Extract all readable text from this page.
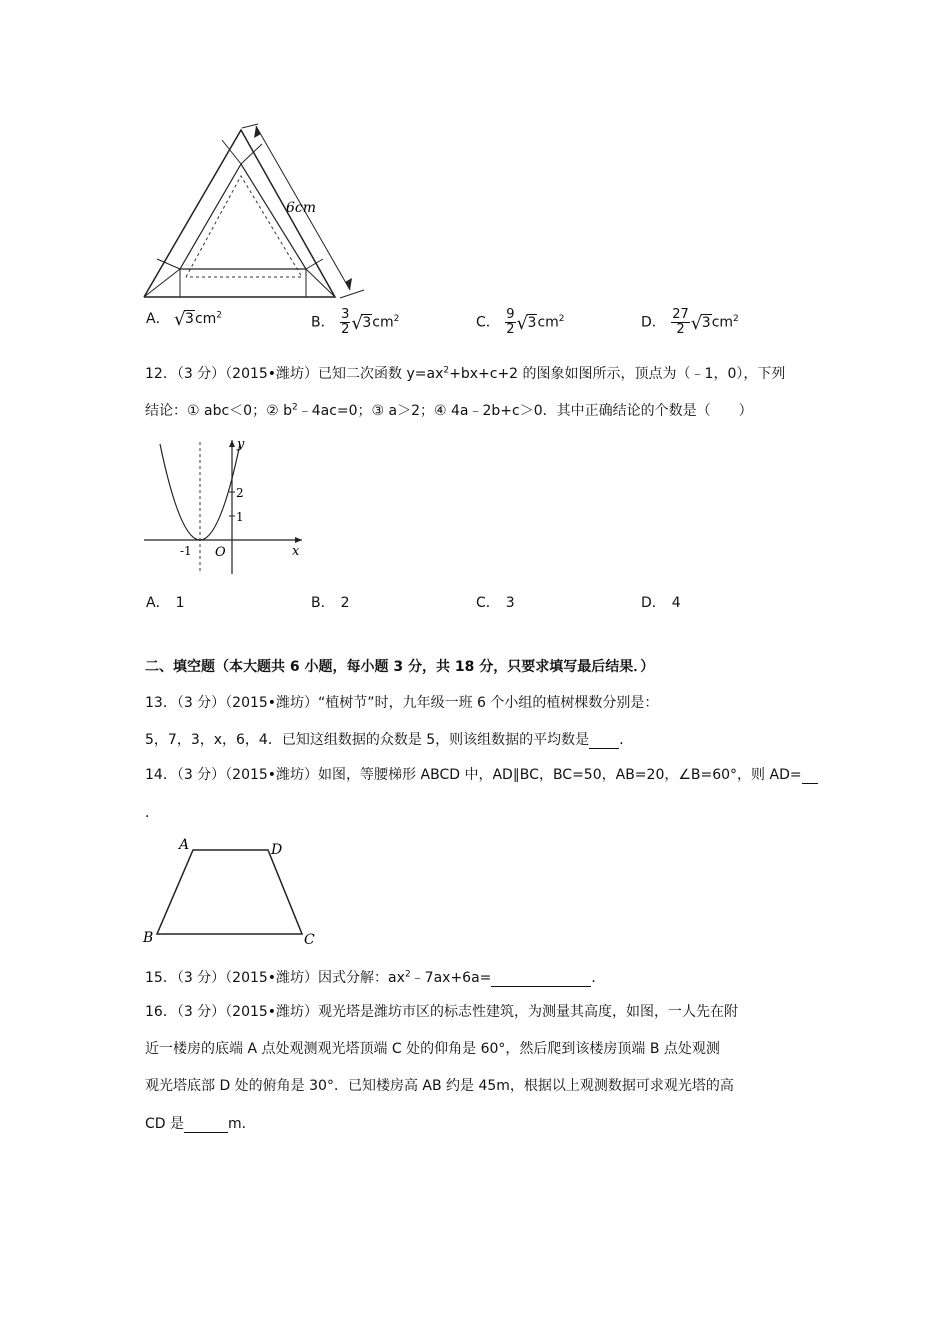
6cm
A． √ $3cm^2$	B． $\frac{3}{2}$ √ $3cm^2$	C． $\frac{9}{2}$ √ $3cm^2$	D． $\frac{27}{2}$ √ $3cm^2$
12．（3 分）（2015•潍坊）已知二次函数 $y=ax^2+bx+c+2$ 的图象如图所示，顶点为（﹣1，0），下列
结论：① abc＜0；② $b^2﹣4ac=0$；③ a＞2；④ 4a﹣2b+c＞0．其中正确结论的个数是（　　）
y
x
O
2
1
-1
A． 1	B． 2	C． 3	D． 4
二、填空题（本大题共 6 小题，每小题 3 分，共 18 分，只要求填写最后结果．）
13．（3 分）（2015•潍坊）“植树节”时，九年级一班 6 个小组的植树棵数分别是：
5，7，3，x，6，4．已知这组数据的众数是 5，则该组数据的平均数是 ．
14．（3 分）（2015•潍坊）如图，等腰梯形 ABCD 中，AD∥BC，BC=50，AB=20，∠B=60°，则 AD=
．
A	D
B	C
15．（3 分）（2015•潍坊）因式分解：$ax^2﹣7ax+6a=$	．
16．（3 分）（2015•潍坊）观光塔是潍坊市区的标志性建筑，为测量其高度，如图，一人先在附
近一楼房的底端 A 点处观测观光塔顶端 C 处的仰角是 60°，然后爬到该楼房顶端 B 点处观测
观光塔底部 D 处的俯角是 30°．已知楼房高 AB 约是 45m，根据以上观测数据可求观光塔的高
CD 是	m．
